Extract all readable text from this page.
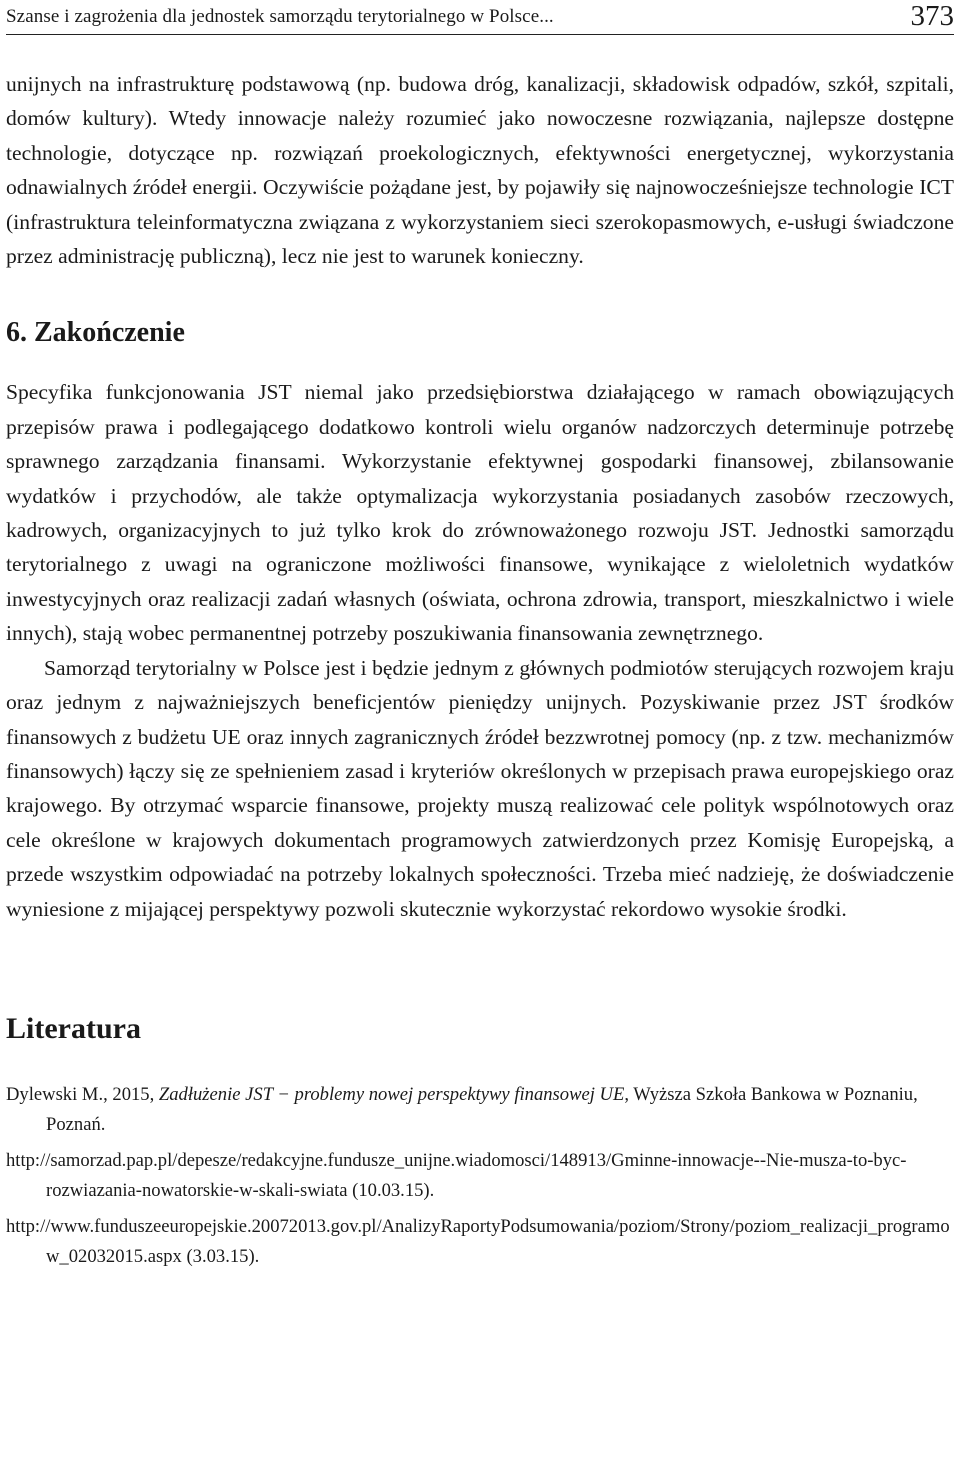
Szanse i zagrożenia dla jednostek samorządu terytorialnego w Polsce...	373

unijnych na infrastrukturę podstawową (np. budowa dróg, kanalizacji, składowisk odpadów, szkół, szpitali, domów kultury). Wtedy innowacje należy rozumieć jako nowoczesne rozwiązania, najlepsze dostępne technologie, dotyczące np. rozwiązań proekologicznych, efektywności energetycznej, wykorzystania odnawialnych źródeł energii. Oczywiście pożądane jest, by pojawiły się najnowocześniejsze technologie ICT (infrastruktura teleinformatyczna związana z wykorzystaniem sieci szerokopasmowych, e-usługi świadczone przez administrację publiczną), lecz nie jest to warunek konieczny.

6. Zakończenie

Specyfika funkcjonowania JST niemal jako przedsiębiorstwa działającego w ramach obowiązujących przepisów prawa i podlegającego dodatkowo kontroli wielu organów nadzorczych determinuje potrzebę sprawnego zarządzania finansami. Wykorzystanie efektywnej gospodarki finansowej, zbilansowanie wydatków i przychodów, ale także optymalizacja wykorzystania posiadanych zasobów rzeczowych, kadrowych, organizacyjnych to już tylko krok do zrównoważonego rozwoju JST. Jednostki samorządu terytorialnego z uwagi na ograniczone możliwości finansowe, wynikające z wieloletnich wydatków inwestycyjnych oraz realizacji zadań własnych (oświata, ochrona zdrowia, transport, mieszkalnictwo i wiele innych), stają wobec permanentnej potrzeby poszukiwania finansowania zewnętrznego.

Samorząd terytorialny w Polsce jest i będzie jednym z głównych podmiotów sterujących rozwojem kraju oraz jednym z najważniejszych beneficjentów pieniędzy unijnych. Pozyskiwanie przez JST środków finansowych z budżetu UE oraz innych zagranicznych źródeł bezzwrotnej pomocy (np. z tzw. mechanizmów finansowych) łączy się ze spełnieniem zasad i kryteriów określonych w przepisach prawa europejskiego oraz krajowego. By otrzymać wsparcie finansowe, projekty muszą realizować cele polityk wspólnotowych oraz cele określone w krajowych dokumentach programowych zatwierdzonych przez Komisję Europejską, a przede wszystkim odpowiadać na potrzeby lokalnych społeczności. Trzeba mieć nadzieję, że doświadczenie wyniesione z mijającej perspektywy pozwoli skutecznie wykorzystać rekordowo wysokie środki.

Literatura

Dylewski M., 2015, Zadłużenie JST − problemy nowej perspektywy finansowej UE, Wyższa Szkoła Bankowa w Poznaniu, Poznań.

http://samorzad.pap.pl/depesze/redakcyjne.fundusze_unijne.wiadomosci/148913/Gminne-innowacje--Nie-musza-to-byc-rozwiazania-nowatorskie-w-skali-swiata (10.03.15).

http://www.funduszeeuropejskie.20072013.gov.pl/AnalizyRaportyPodsumowania/poziom/Strony/poziom_realizacji_programow_02032015.aspx (3.03.15).
